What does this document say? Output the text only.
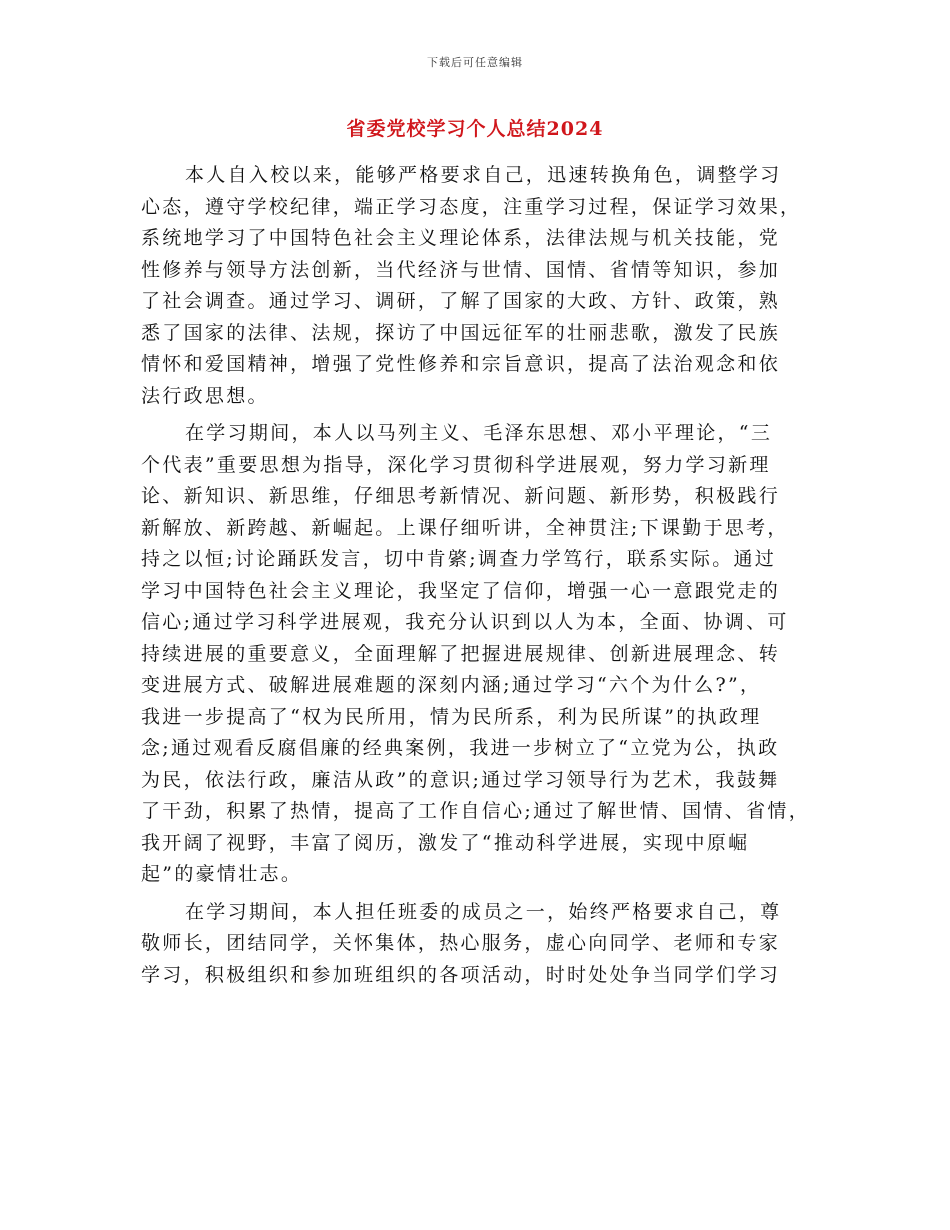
下载后可任意编辑
省委党校学习个人总结2024
本人自入校以来，能够严格要求自己，迅速转换角色，调整学习
心态，遵守学校纪律，端正学习态度，注重学习过程，保证学习效果，
系统地学习了中国特色社会主义理论体系，法律法规与机关技能，党
性修养与领导方法创新，当代经济与世情、国情、省情等知识，参加
了社会调查。通过学习、调研，了解了国家的大政、方针、政策，熟
悉了国家的法律、法规，探访了中国远征军的壮丽悲歌，激发了民族
情怀和爱国精神，增强了党性修养和宗旨意识，提高了法治观念和依
法行政思想。
在学习期间，本人以马列主义、毛泽东思想、邓小平理论，“三
个代表”重要思想为指导，深化学习贯彻科学进展观，努力学习新理
论、新知识、新思维，仔细思考新情况、新问题、新形势，积极践行
新解放、新跨越、新崛起。上课仔细听讲，全神贯注;下课勤于思考，
持之以恒;讨论踊跃发言，切中肯綮;调查力学笃行，联系实际。通过
学习中国特色社会主义理论，我坚定了信仰，增强一心一意跟党走的
信心;通过学习科学进展观，我充分认识到以人为本，全面、协调、可
持续进展的重要意义，全面理解了把握进展规律、创新进展理念、转
变进展方式、破解进展难题的深刻内涵;通过学习“六个为什么?”，
我进一步提高了“权为民所用，情为民所系，利为民所谋”的执政理
念;通过观看反腐倡廉的经典案例，我进一步树立了“立党为公，执政
为民，依法行政，廉洁从政”的意识;通过学习领导行为艺术，我鼓舞
了干劲，积累了热情，提高了工作自信心;通过了解世情、国情、省情，
我开阔了视野，丰富了阅历，激发了“推动科学进展，实现中原崛
起”的豪情壮志。
在学习期间，本人担任班委的成员之一，始终严格要求自己，尊
敬师长，团结同学，关怀集体，热心服务，虚心向同学、老师和专家
学习，积极组织和参加班组织的各项活动，时时处处争当同学们学习
